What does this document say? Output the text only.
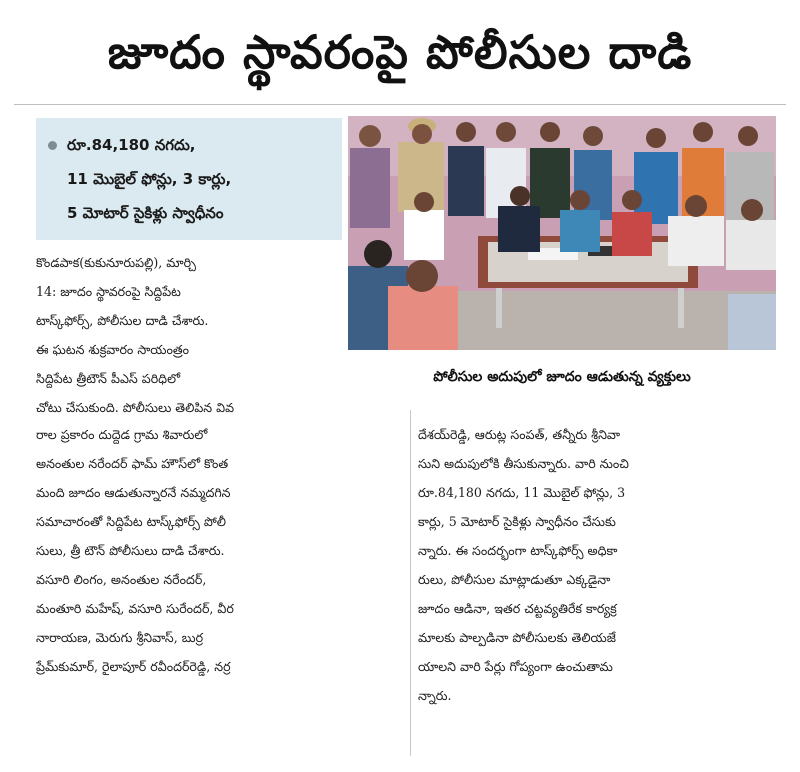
జూదం స్థావరంపై పోలీసుల దాడి
రూ.84,180 నగదు,
11 మొబైల్ ఫోన్లు, 3 కార్లు,
5 మోటార్ సైకిళ్లు స్వాధీనం
పోలీసుల అదుపులో జూదం ఆడుతున్న వ్యక్తులు
కొండపాక(కుకునూరుపల్లి), మార్చి
14: జూదం స్థావరంపై సిద్దిపేట
టాస్క్‌ఫోర్స్, పోలీసుల దాడి చేశారు.
ఈ ఘటన శుక్రవారం సాయంత్రం
సిద్దిపేట త్రీటౌన్ పీఎస్ పరిధిలో
చోటు చేసుకుంది. పోలీసులు తెలిపిన వివ
రాల ప్రకారం దుద్దెడ గ్రామ శివారులో
అనంతుల నరేందర్ ఫామ్ హౌస్‌లో కొంత
మంది జూదం ఆడుతున్నారనే నమ్మదగిన
సమాచారంతో సిద్దిపేట టాస్క్‌ఫోర్స్ పోలీ
సులు, త్రీ టౌన్ పోలీసులు దాడి చేశారు.
వసూరి లింగం, అనంతుల నరేందర్,
మంతూరి మహేష్, వసూరి సురేందర్, వీర
నారాయణ, మెరుగు శ్రీనివాస్, బుర్ర
ప్రేమ్‌కుమార్, రైలాపూర్ రవీందర్‌రెడ్డి, నర్ర
దేశయ్‌రెడ్డి, ఆరుట్ల సంపత్, తన్నీరు శ్రీనివా
సుని అదుపులోకి తీసుకున్నారు. వారి నుంచి
రూ.84,180 నగదు, 11 మొబైల్ ఫోన్లు, 3
కార్లు, 5 మోటార్ సైకిళ్లు స్వాధీనం చేసుకు
న్నారు. ఈ సందర్భంగా టాస్క్‌ఫోర్స్ అధికా
రులు, పోలీసుల మాట్లాడుతూ ఎక్కడైనా
జూదం ఆడినా, ఇతర చట్టవ్యతిరేక కార్యక్ర
మాలకు పాల్పడినా పోలీసులకు తెలియజే
యాలని వారి పేర్లు గోప్యంగా ఉంచుతామ
న్నారు.
